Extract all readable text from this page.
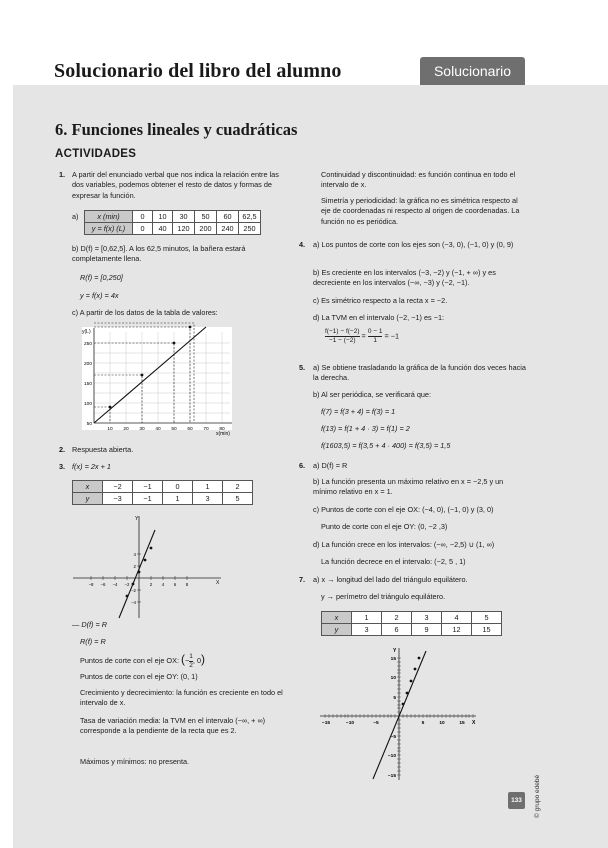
Solucionario del libro del alumno	Solucionario
6. Funciones lineales y cuadráticas
ACTIVIDADES
1. A partir del enunciado verbal que nos indica la relación entre las dos variables, podemos obtener el resto de datos y formas de expresar la función.
a)	x (min)	0	10	30	50	60	62,5
y = f(x) (L)	0	40	120	200	240	250
b) D(f) = [0,62,5]. A los 62,5 minutos, la bañera estará completamente llena.
R(f) = [0,250]
y = f(x) = 4x
c) A partir de los datos de la tabla de valores:
y(L)
x(min)
250
200
150
100
50
10 20 30 40 50 60 70 80
2. Respuesta abierta.
3. f(x) = 2x + 1
x	−2	−1	0	1	2
y	−3	−1	1	3	5
X
Y
−8 −6 −4 −2	2 4 6 8
4
2
−2
−4
— D(f) = R
R(f) = R
Puntos de corte con el eje OX: (− $\frac{1}{2}$ , 0)
Puntos de corte con el eje OY: (0, 1)
Crecimiento y decrecimiento: la función es creciente en todo el intervalo de x.
Tasa de variación media: la TVM en el intervalo (−∞, + ∞) corresponde a la pendiente de la recta que es 2.
Máximos y mínimos: no presenta.
Continuidad y discontinuidad: es función continua en todo el intervalo de x.
Simetría y periodicidad: la gráfica no es simétrica respecto al eje de coordenadas ni respecto al origen de coordenadas. La función no es periódica.
4. a) Los puntos de corte con los ejes son (−3, 0), (−1, 0) y (0, 9)
b) Es creciente en los intervalos (−3, −2) y (−1, + ∞) y es decreciente en los intervalos (−∞, −3) y (−2, −1).
c) Es simétrico respecto a la recta x = −2.
d) La TVM en el intervalo (−2, −1) es −1:
$\frac{f(-1) - f(-2)}{-1 - (-2)} = \frac{0 - 1}{1} = -1$
5. a) Se obtiene trasladando la gráfica de la función dos veces hacia la derecha.
b) Al ser periódica, se verificará que:
f(7) = f(3 + 4) = f(3) = 1
f(13) = f(1 + 4 · 3) = f(1) = 2
f(1603,5) = f(3,5 + 4 · 400) = f(3,5) = 1,5
6. a) D(f) = R
b) La función presenta un máximo relativo en x = −2,5 y un mínimo relativo en x = 1.
c) Puntos de corte con el eje OX: (−4, 0), (−1, 0) y (3, 0)
Punto de corte con el eje OY: (0, −2 ,3)
d) La función crece en los intervalos: (−∞, −2,5) ∪ (1, ∞)
La función decrece en el intervalo: (−2, 5 , 1)
7. a) x → longitud del lado del triángulo equilátero.
y → perímetro del triángulo equilátero.
x	1	2	3	4	5
y	3	6	9	12	15
X
Y
−15	−10	−5	5	10	15
15
10
5
−5
−10
−15
133	© grupo edebé
